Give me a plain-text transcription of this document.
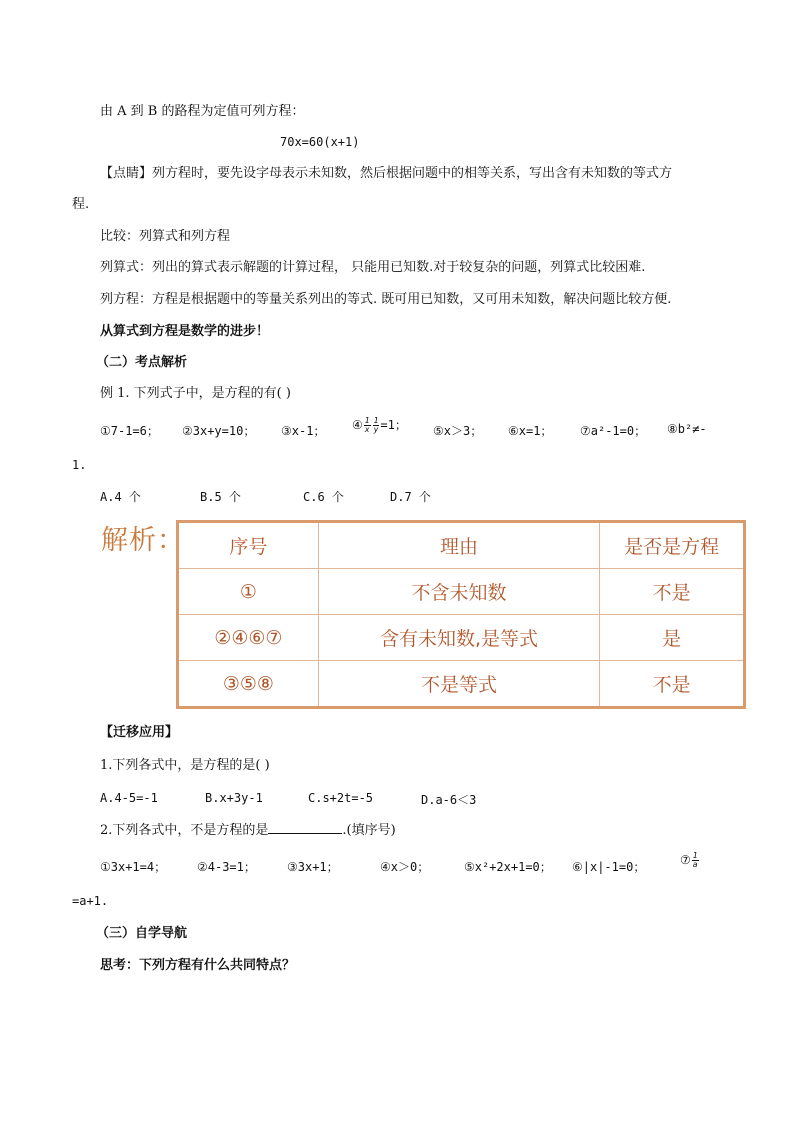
由 A 到 B 的路程为定值可列方程：
70x=60(x+1)
【点睛】列方程时，要先设字母表示未知数，然后根据问题中的相等关系，写出含有未知数的等式方
程.
比较：列算式和列方程
列算式：列出的算式表示解题的计算过程， 只能用已知数.对于较复杂的问题，列算式比较困难.
列方程：方程是根据题中的等量关系列出的等式. 既可用已知数，又可用未知数，解决问题比较方便.
从算式到方程是数学的进步！
（二）考点解析
例 1. 下列式子中，是方程的有( )
①7-1=6； ②3x+y=10； ③x-1； ④ $\frac{1}{x} \frac{1}{y} =1$； ⑤x＞3； ⑥x=1； ⑦a²-1=0； ⑧b²≠-
1.
A.4 个	B.5 个	C.6 个	D.7 个
解析： 序号	理由	是否是方程
①	不含未知数	不是
②④⑥⑦	含有未知数,是等式	是
③⑤⑧	不是等式	不是
【迁移应用】
1.下列各式中，是方程的是( )
A.4-5=-1	B.x+3y-1	C.s+2t=-5	D.a-6＜3
2.下列各式中，不是方程的是	.(填序号)
①3x+1=4；	②4-3=1；	③3x+1；	④x＞0；	⑤x²+2x+1=0； ⑥|x|-1=0；	⑦ $\frac{1}{a}$
=a+1.
（三）自学导航
思考：下列方程有什么共同特点？
